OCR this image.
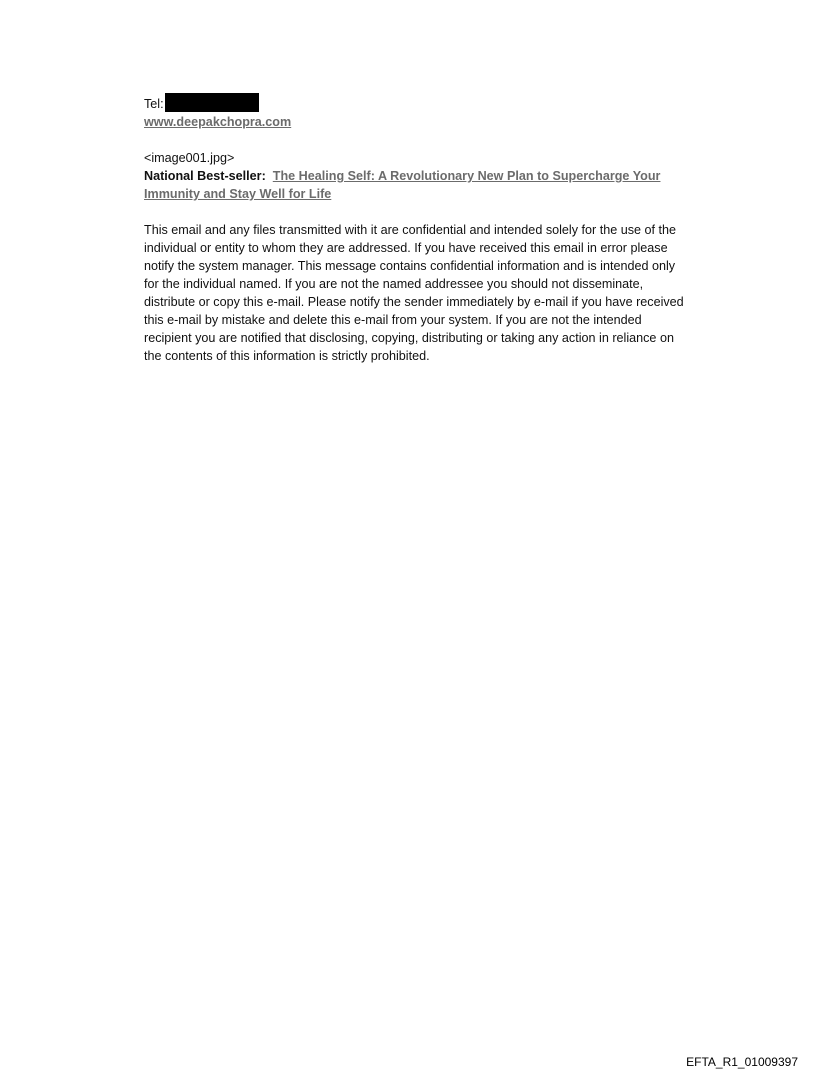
Tel:
www.deepakchopra.com
<image001.jpg>

National Best-seller: The Healing Self: A Revolutionary New Plan to Supercharge Your Immunity and Stay Well for Life

This email and any files transmitted with it are confidential and intended solely for the use of the individual or entity to whom they are addressed. If you have received this email in error please notify the system manager. This message contains confidential information and is intended only for the individual named. If you are not the named addressee you should not disseminate, distribute or copy this e-mail. Please notify the sender immediately by e-mail if you have received this e-mail by mistake and delete this e-mail from your system. If you are not the intended recipient you are notified that disclosing, copying, distributing or taking any action in reliance on the contents of this information is strictly prohibited.

EFTA_R1_01009397
